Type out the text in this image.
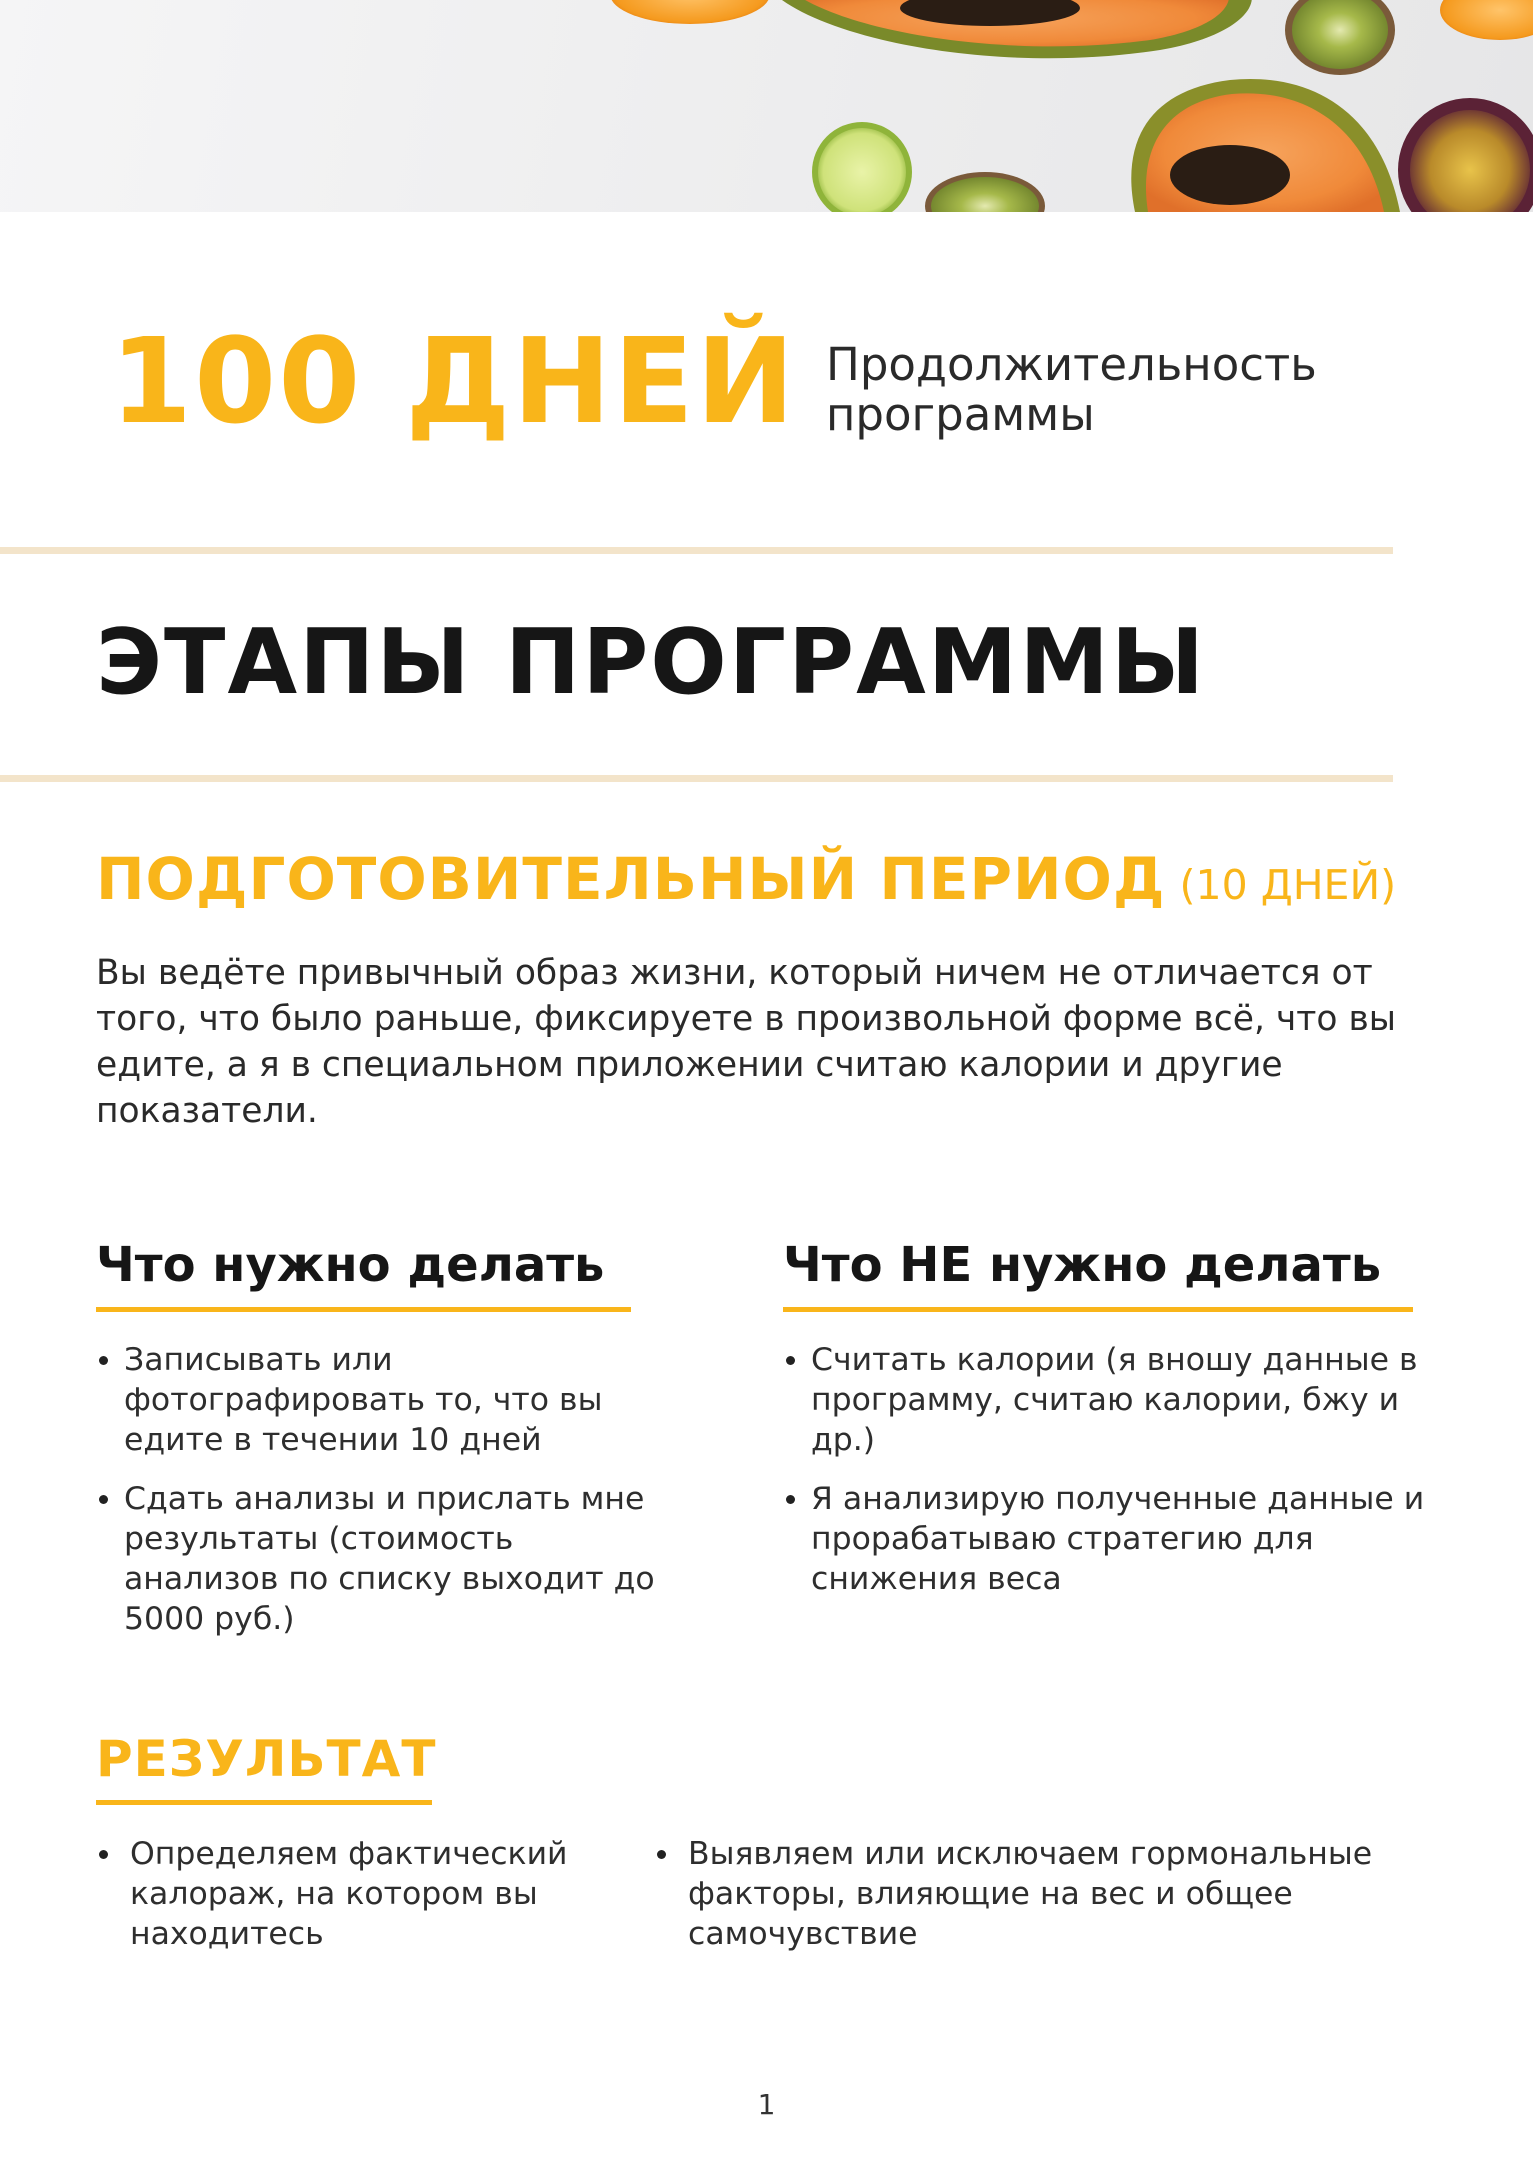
100 ДНЕЙ Продолжительность
программы
ЭТАПЫ ПРОГРАММЫ
ПОДГОТОВИТЕЛЬНЫЙ ПЕРИОД (10 ДНЕЙ)
Вы ведёте привычный образ жизни, который ничем не отличается от того, что было раньше, фиксируете в произвольной форме всё, что вы едите, а я в специальном приложении считаю калории и другие показатели.
Что нужно делать
Записывать или фотографировать то, что вы едите в течении 10 дней
Сдать анализы и прислать мне результаты (стоимость анализов по списку выходит до 5000 руб.)
Что НЕ нужно делать
Считать калории (я вношу данные в программу, считаю калории, бжу и др.)
Я анализирую полученные данные и прорабатываю стратегию для снижения веса
РЕЗУЛЬТАТ
Определяем фактический калораж, на котором вы находитесь
Выявляем или исключаем гормональные факторы, влияющие на вес и общее самочувствие
1
